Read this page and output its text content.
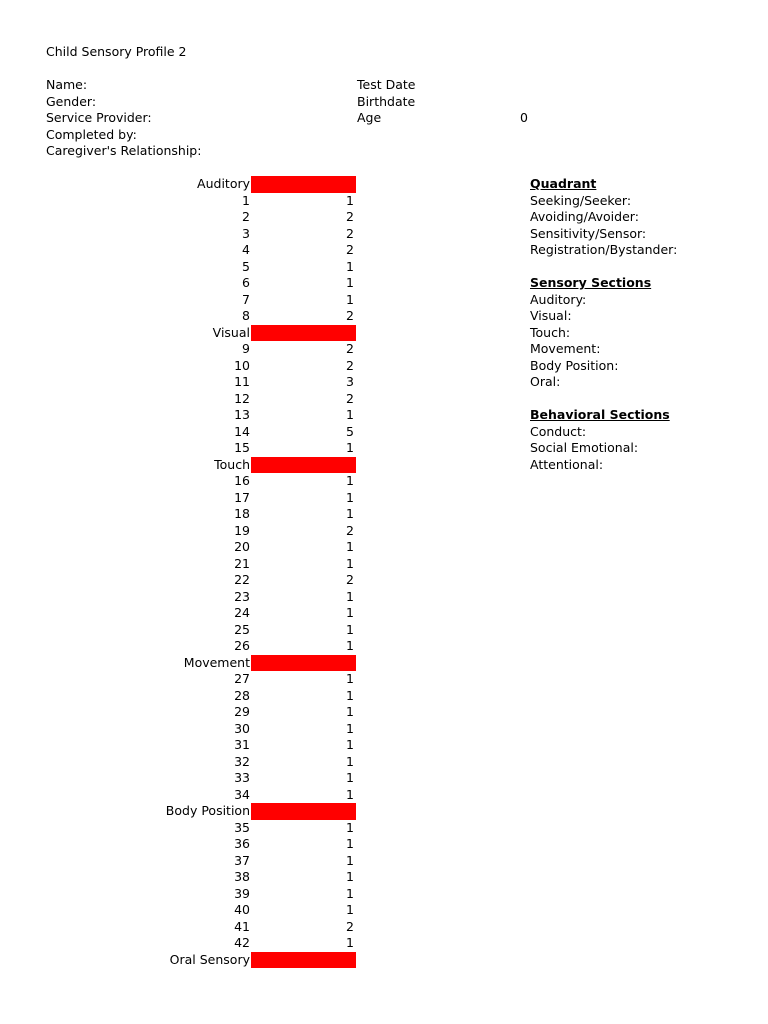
Child Sensory Profile 2
Name:
Gender:
Service Provider:
Completed by:
Caregiver's Relationship:
Test Date
Birthdate
Age	0
Auditory
1	1
2	2
3	2
4	2
5	1
6	1
7	1
8	2
Visual
9	2
10	2
11	3
12	2
13	1
14	5
15	1
Touch
16	1
17	1
18	1
19	2
20	1
21	1
22	2
23	1
24	1
25	1
26	1
Movement
27	1
28	1
29	1
30	1
31	1
32	1
33	1
34	1
Body Position
35	1
36	1
37	1
38	1
39	1
40	1
41	2
42	1
Oral Sensory
Quadrant
Seeking/Seeker:
Avoiding/Avoider:
Sensitivity/Sensor:
Registration/Bystander:
Sensory Sections
Auditory:
Visual:
Touch:
Movement:
Body Position:
Oral:
Behavioral Sections
Conduct:
Social Emotional:
Attentional:
